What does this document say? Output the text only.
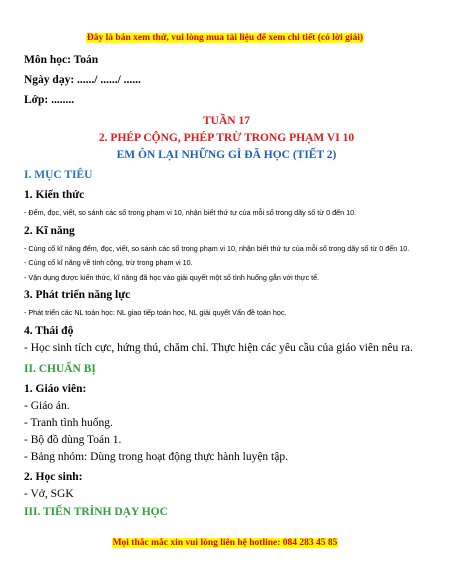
Đây là bản xem thử, vui lòng mua tài liệu để xem chi tiết (có lời giải)
Môn học: Toán
Ngày dạy: ....../ ....../ ......
Lớp: ........
TUẦN 17
2. PHÉP CỘNG, PHÉP TRỪ TRONG PHẠM VI 10
EM ÔN LẠI NHỮNG GÌ ĐÃ HỌC (TIẾT 2)
I. MỤC TIÊU
1. Kiến thức
- Đếm, đọc, viết, so sánh các số trong phạm vi 10, nhận biết thứ tự của mỗi số trong dãy số từ 0 đến 10.
2. Kĩ năng
- Củng cố kĩ năng đếm, đọc, viết, so sánh các số trong phạm vi 10, nhận biết thứ tự của mỗi số trong dãy số từ 0 đến 10.
- Củng cố kĩ năng về tính cộng, trừ trong phạm vi 10.
- Vận dụng được kiến thức, kĩ năng đã học vào giải quyết một số tình huống gắn với thực tế.
3. Phát triển năng lực
- Phát triển các NL toán học: NL giao tiếp toán học, NL giải quyết Vấn đề toán học.
4. Thái độ
- Học sinh tích cực, hứng thú, chăm chỉ. Thực hiện các yêu cầu của giáo viên nêu ra.
II. CHUẨN BỊ
1. Giáo viên:
- Giáo án.
- Tranh tình huống.
- Bộ đồ dùng Toán 1.
- Bảng nhóm: Dùng trong hoạt động thực hành luyện tập.
2. Học sinh:
- Vở, SGK
III. TIẾN TRÌNH DẠY HỌC
Mọi thắc mắc xin vui lòng liên hệ hotline: 084 283 45 85
